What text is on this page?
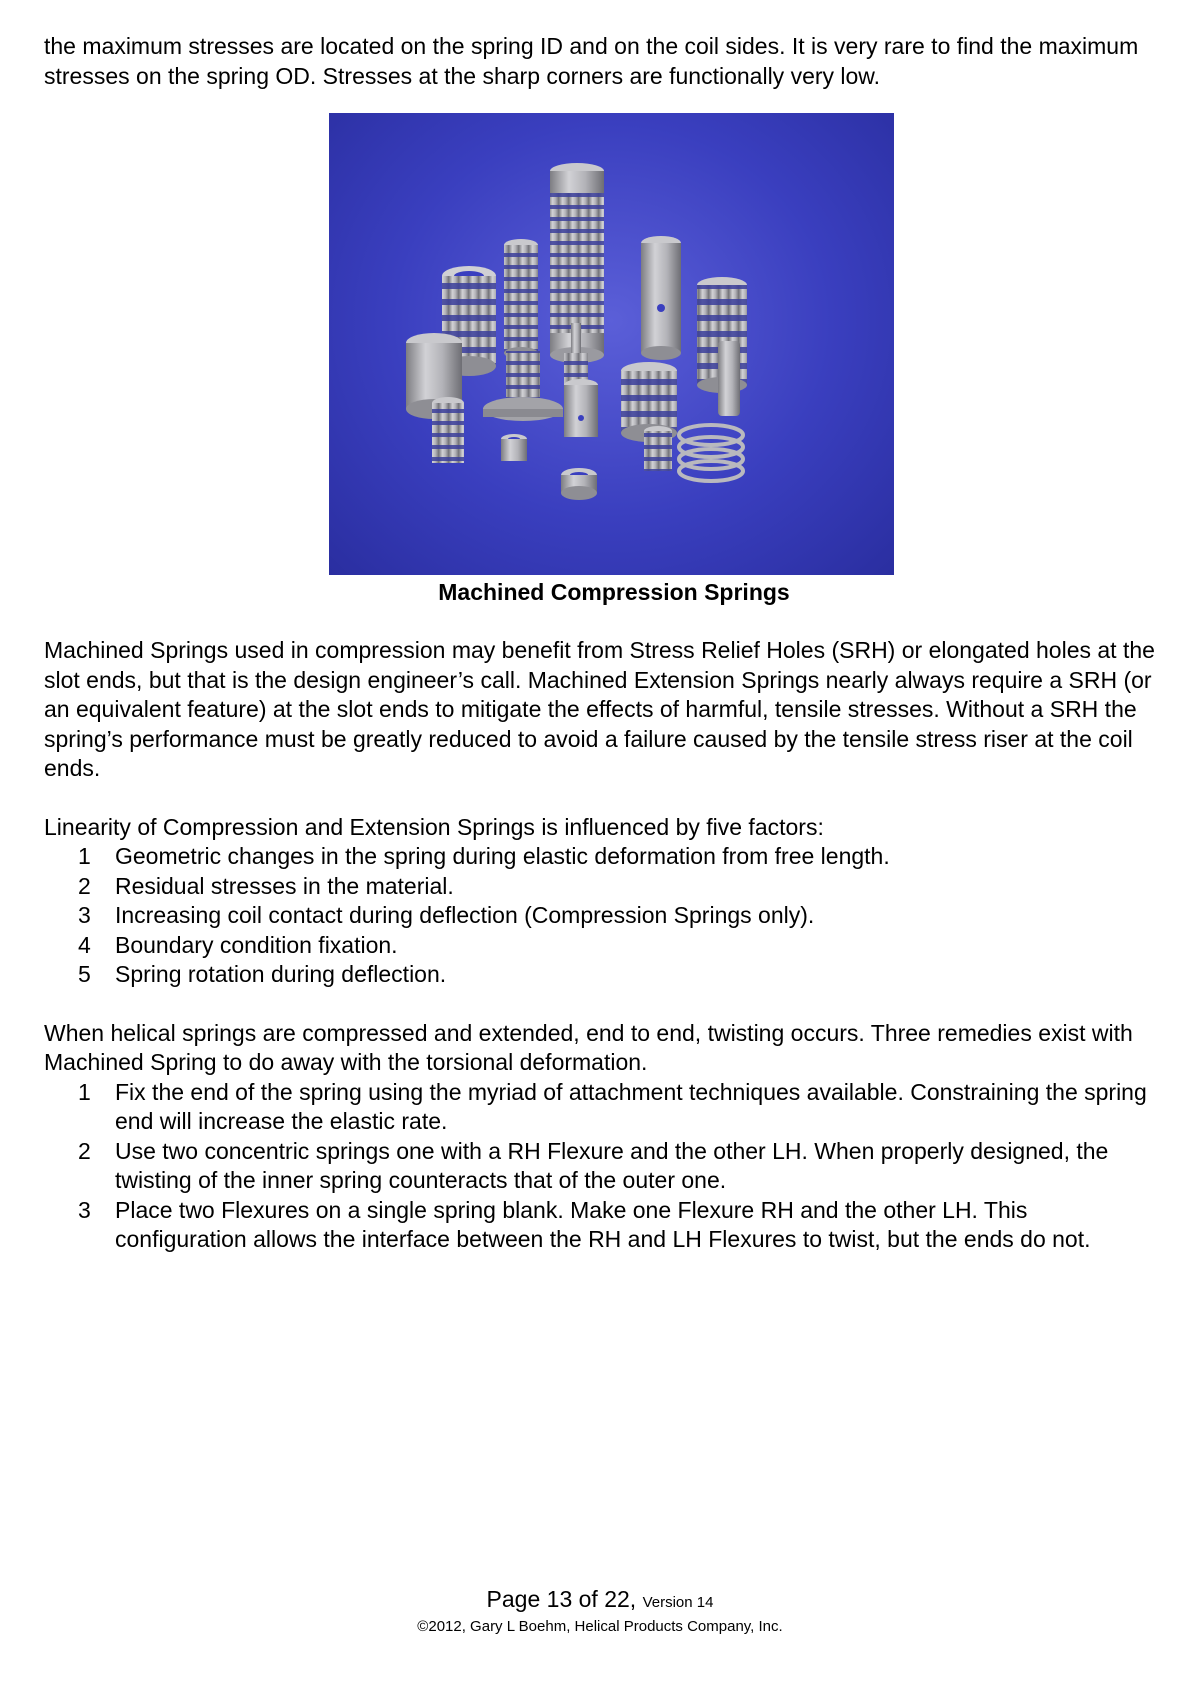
the maximum stresses are located on the spring ID and on the coil sides. It is very rare to find the maximum stresses on the spring OD. Stresses at the sharp corners are functionally very low.

Machined Compression Springs

Machined Springs used in compression may benefit from Stress Relief Holes (SRH) or elongated holes at the slot ends, but that is the design engineer’s call. Machined Extension Springs nearly always require a SRH (or an equivalent feature) at the slot ends to mitigate the effects of harmful, tensile stresses. Without a SRH the spring’s performance must be greatly reduced to avoid a failure caused by the tensile stress riser at the coil ends.

Linearity of Compression and Extension Springs is influenced by five factors:

1 Geometric changes in the spring during elastic deformation from free length.
2 Residual stresses in the material.
3 Increasing coil contact during deflection (Compression Springs only).
4 Boundary condition fixation.
5 Spring rotation during deflection.

When helical springs are compressed and extended, end to end, twisting occurs. Three remedies exist with Machined Spring to do away with the torsional deformation.

1 Fix the end of the spring using the myriad of attachment techniques available. Constraining the spring end will increase the elastic rate.
2 Use two concentric springs one with a RH Flexure and the other LH. When properly designed, the twisting of the inner spring counteracts that of the outer one.
3 Place two Flexures on a single spring blank. Make one Flexure RH and the other LH. This configuration allows the interface between the RH and LH Flexures to twist, but the ends do not.
Page 13 of 22, Version 14
©2012, Gary L Boehm, Helical Products Company, Inc.
